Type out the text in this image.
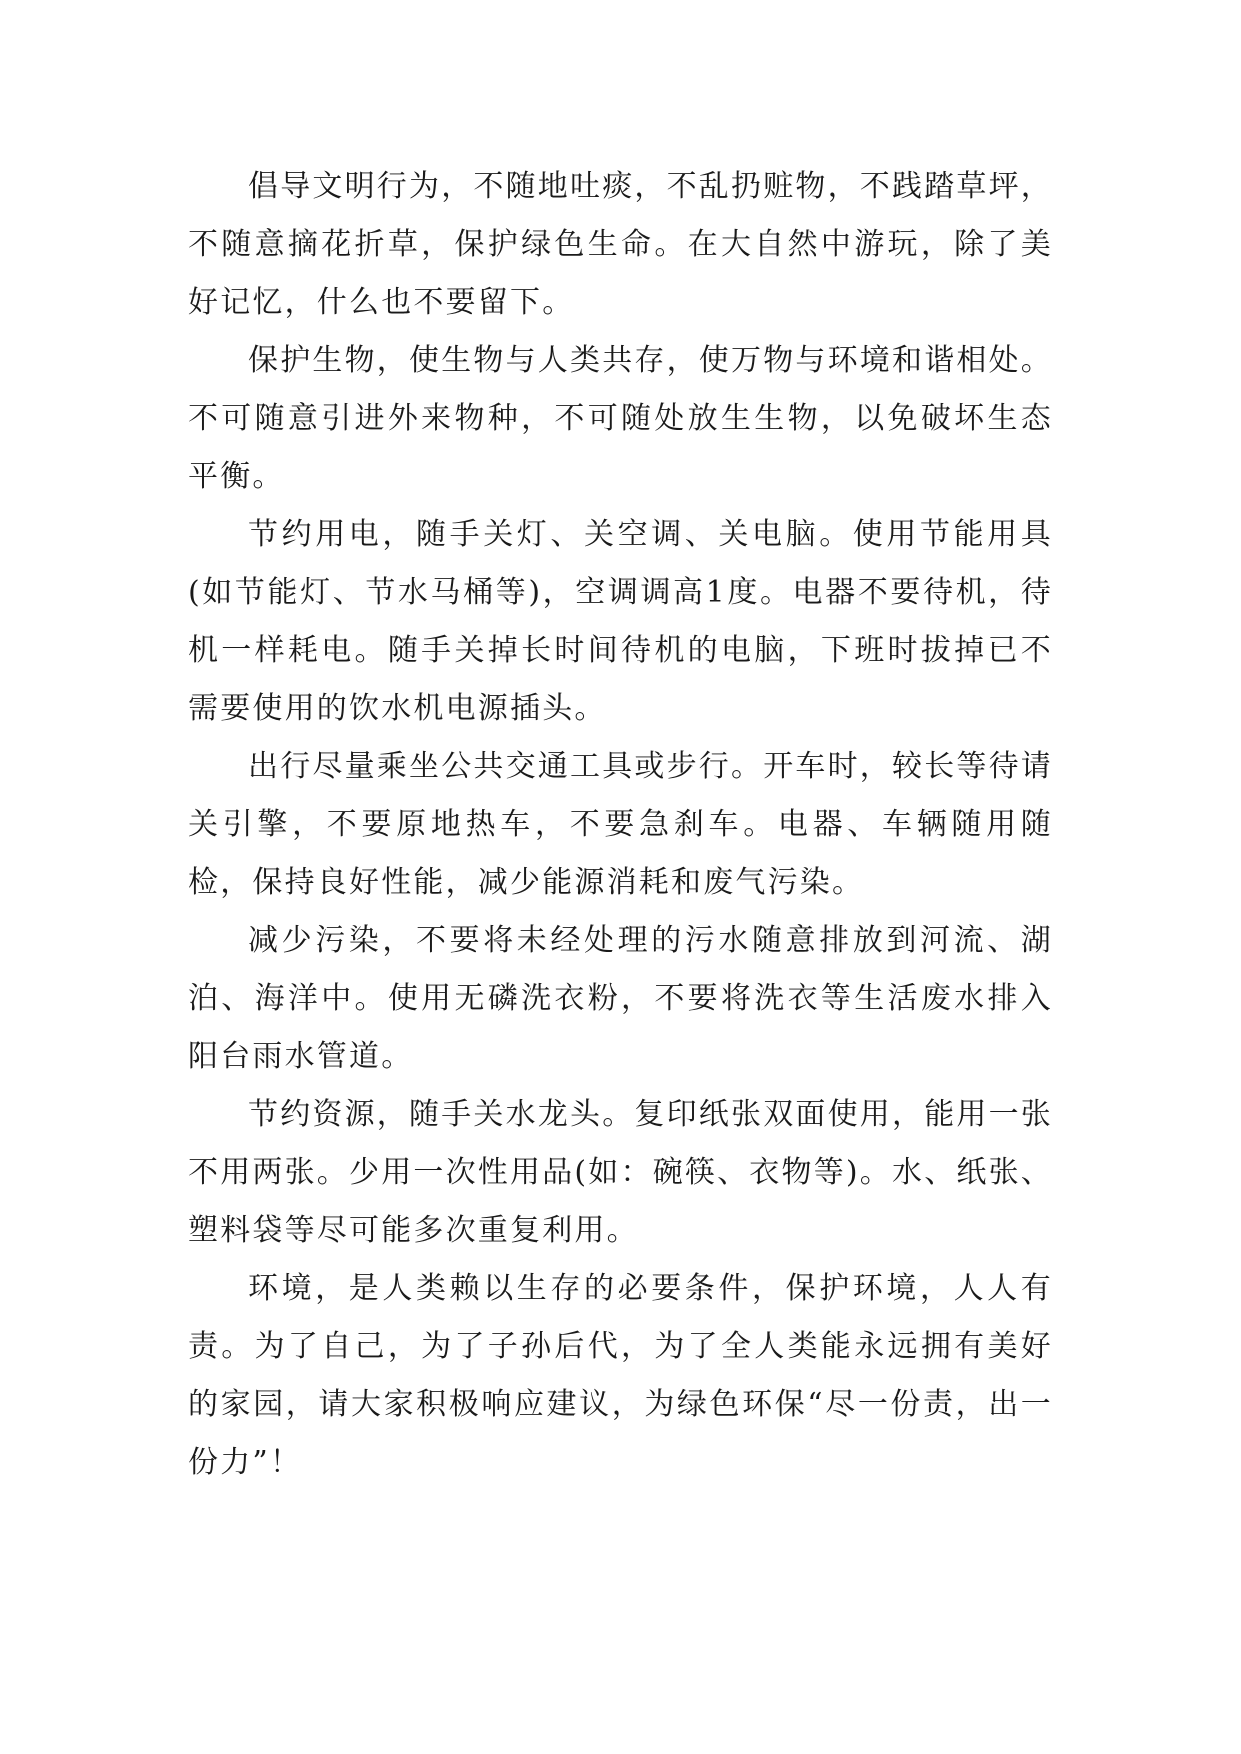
倡导文明行为，不随地吐痰，不乱扔赃物，不践踏草坪，不随意摘花折草，保护绿色生命。在大自然中游玩，除了美好记忆，什么也不要留下。

保护生物，使生物与人类共存，使万物与环境和谐相处。不可随意引进外来物种，不可随处放生生物，以免破坏生态平衡。

节约用电，随手关灯、关空调、关电脑。使用节能用具(如节能灯、节水马桶等)，空调调高1度。电器不要待机，待机一样耗电。随手关掉长时间待机的电脑，下班时拔掉已不需要使用的饮水机电源插头。

出行尽量乘坐公共交通工具或步行。开车时，较长等待请关引擎，不要原地热车，不要急刹车。电器、车辆随用随检，保持良好性能，减少能源消耗和废气污染。

减少污染，不要将未经处理的污水随意排放到河流、湖泊、海洋中。使用无磷洗衣粉，不要将洗衣等生活废水排入阳台雨水管道。

节约资源，随手关水龙头。复印纸张双面使用，能用一张不用两张。少用一次性用品(如：碗筷、衣物等)。水、纸张、塑料袋等尽可能多次重复利用。

环境，是人类赖以生存的必要条件，保护环境，人人有责。为了自己，为了子孙后代，为了全人类能永远拥有美好的家园，请大家积极响应建议，为绿色环保“尽一份责，出一份力”！
